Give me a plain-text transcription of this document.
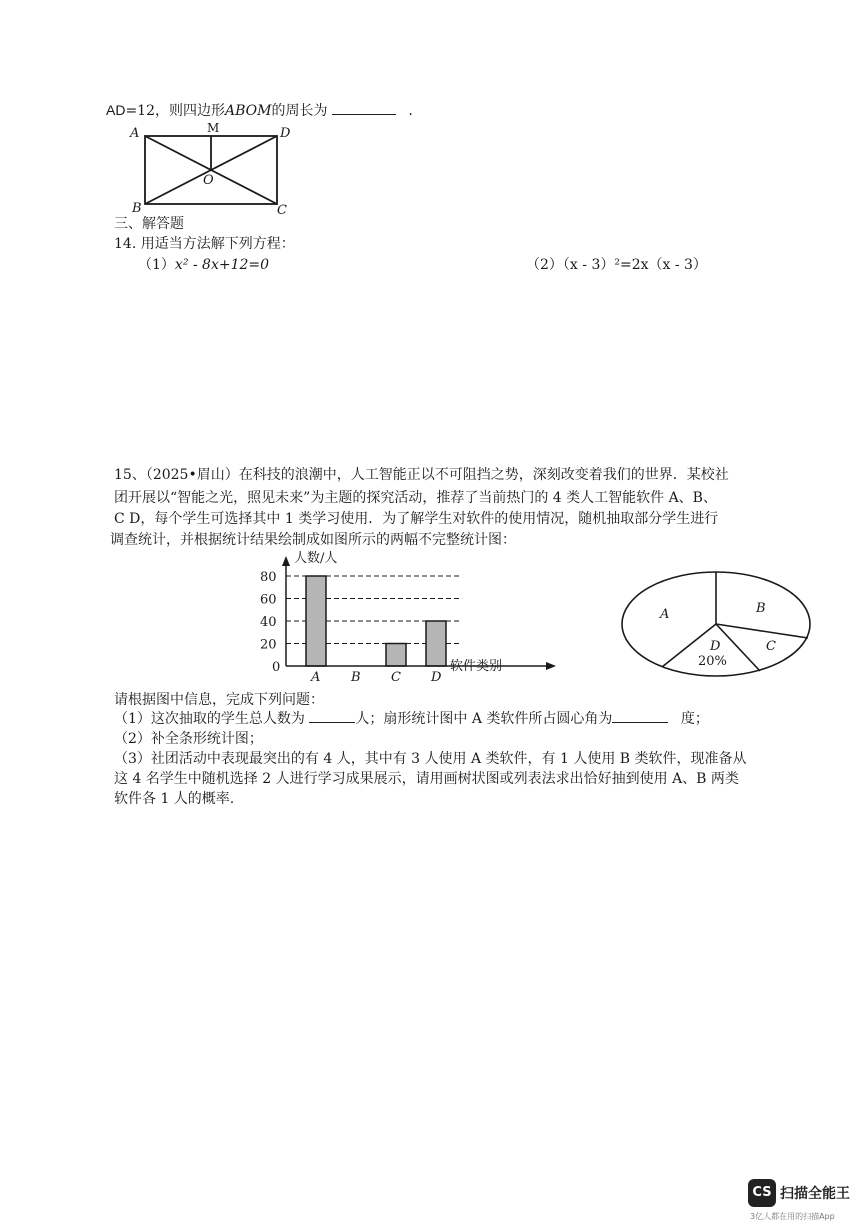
AD=12，则四边形ABOM的周长为	.
A	M	D
O
B	C
三、解答题
14. 用适当方法解下列方程：
（1）x² - 8x+12=0	（2）（x - 3）²=2x（x - 3）
15、（2025•眉山）在科技的浪潮中，人工智能正以不可阻挡之势，深刻改变着我们的世界．某校社
团开展以“智能之光，照见未来”为主题的探究活动，推荐了当前热门的 4 类人工智能软件 A、B、
C D，每个学生可选择其中 1 类学习使用．为了解学生对软件的使用情况，随机抽取部分学生进行
调查统计，并根据统计结果绘制成如图所示的两幅不完整统计图：
0
20
40
60
80
A B C D
人数/人
软件类别
A	B
C
D
20%
请根据图中信息，完成下列问题：
（1）这次抽取的学生总人数为	人；扇形统计图中 A 类软件所占圆心角为	度；
（2）补全条形统计图；
（3）社团活动中表现最突出的有 4 人，其中有 3 人使用 A 类软件，有 1 人使用 B 类软件，现准备从
这 4 名学生中随机选择 2 人进行学习成果展示，请用画树状图或列表法求出恰好抽到使用 A、B 两类
软件各 1 人的概率.
CS 扫描全能王
3亿人都在用的扫描App
